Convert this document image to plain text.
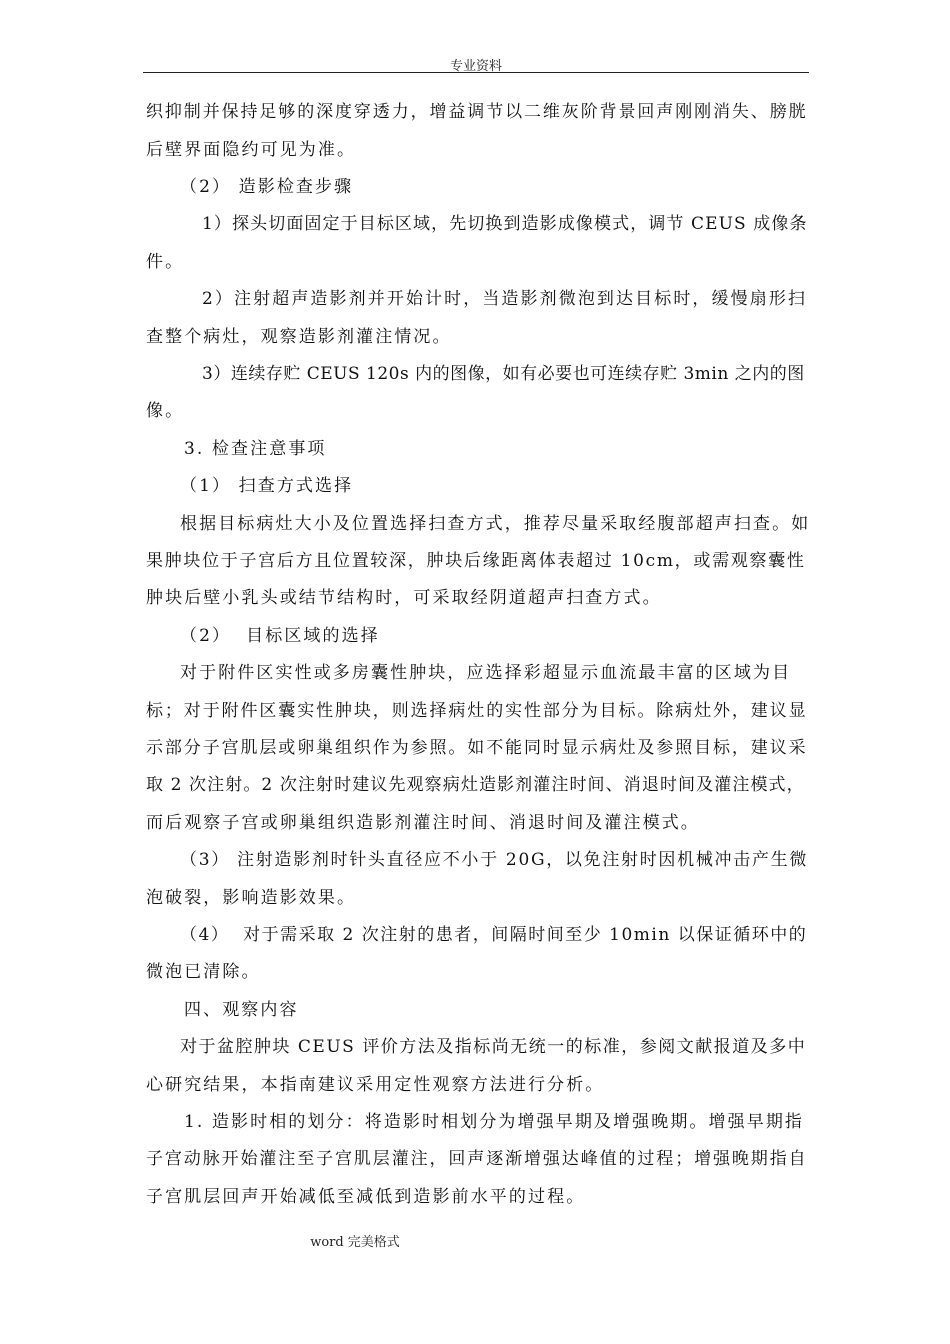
专业资料
织抑制并保持足够的深度穿透力，增益调节以二维灰阶背景回声刚刚消失、膀胱
后壁界面隐约可见为准。
（2） 造影检查步骤
1）探头切面固定于目标区域，先切换到造影成像模式，调节 CEUS 成像条
件。
2）注射超声造影剂并开始计时，当造影剂微泡到达目标时，缓慢扇形扫
查整个病灶，观察造影剂灌注情况。
3）连续存贮 CEUS 120s 内的图像，如有必要也可连续存贮 3min 之内的图
像。
3. 检查注意事项
（1） 扫查方式选择
根据目标病灶大小及位置选择扫查方式，推荐尽量采取经腹部超声扫查。如
果肿块位于子宫后方且位置较深，肿块后缘距离体表超过 10cm，或需观察囊性
肿块后壁小乳头或结节结构时，可采取经阴道超声扫查方式。
（2）  目标区域的选择
对于附件区实性或多房囊性肿块，应选择彩超显示血流最丰富的区域为目
标；对于附件区囊实性肿块，则选择病灶的实性部分为目标。除病灶外，建议显
示部分子宫肌层或卵巢组织作为参照。如不能同时显示病灶及参照目标，建议采
取 2 次注射。2 次注射时建议先观察病灶造影剂灌注时间、消退时间及灌注模式，
而后观察子宫或卵巢组织造影剂灌注时间、消退时间及灌注模式。
（3） 注射造影剂时针头直径应不小于 20G，以免注射时因机械冲击产生微
泡破裂，影响造影效果。
（4）  对于需采取 2 次注射的患者，间隔时间至少 10min 以保证循环中的
微泡已清除。
四、观察内容
对于盆腔肿块 CEUS 评价方法及指标尚无统一的标准，参阅文献报道及多中
心研究结果，本指南建议采用定性观察方法进行分析。
1. 造影时相的划分：将造影时相划分为增强早期及增强晚期。增强早期指
子宫动脉开始灌注至子宫肌层灌注，回声逐渐增强达峰值的过程；增强晚期指自
子宫肌层回声开始减低至减低到造影前水平的过程。
word 完美格式
